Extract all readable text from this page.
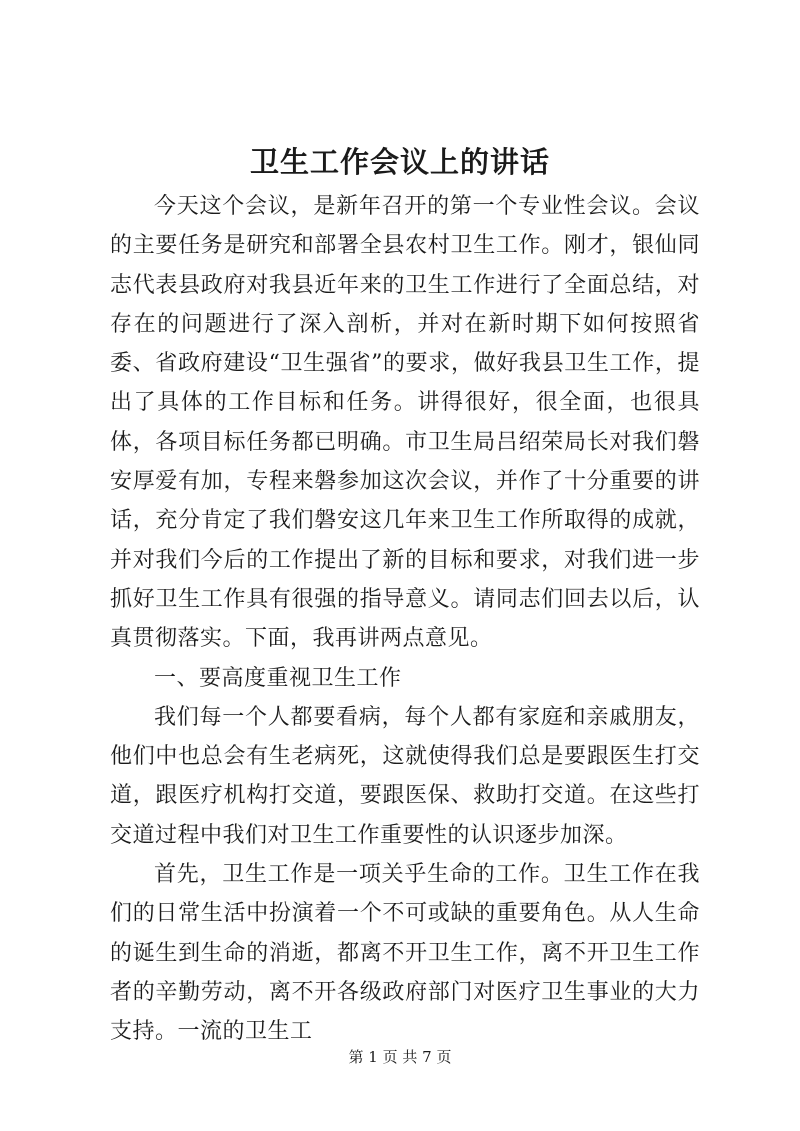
卫生工作会议上的讲话

今天这个会议，是新年召开的第一个专业性会议。会议的主要任务是研究和部署全县农村卫生工作。刚才，银仙同志代表县政府对我县近年来的卫生工作进行了全面总结，对存在的问题进行了深入剖析，并对在新时期下如何按照省委、省政府建设“卫生强省”的要求，做好我县卫生工作，提出了具体的工作目标和任务。讲得很好，很全面，也很具体，各项目标任务都已明确。市卫生局吕绍荣局长对我们磐安厚爱有加，专程来磐参加这次会议，并作了十分重要的讲话，充分肯定了我们磐安这几年来卫生工作所取得的成就，并对我们今后的工作提出了新的目标和要求，对我们进一步抓好卫生工作具有很强的指导意义。请同志们回去以后，认真贯彻落实。下面，我再讲两点意见。

一、要高度重视卫生工作

我们每一个人都要看病，每个人都有家庭和亲戚朋友，他们中也总会有生老病死，这就使得我们总是要跟医生打交道，跟医疗机构打交道，要跟医保、救助打交道。在这些打交道过程中我们对卫生工作重要性的认识逐步加深。

首先，卫生工作是一项关乎生命的工作。卫生工作在我们的日常生活中扮演着一个不可或缺的重要角色。从人生命的诞生到生命的消逝，都离不开卫生工作，离不开卫生工作者的辛勤劳动，离不开各级政府部门对医疗卫生事业的大力支持。一流的卫生工

第 1 页 共 7 页
